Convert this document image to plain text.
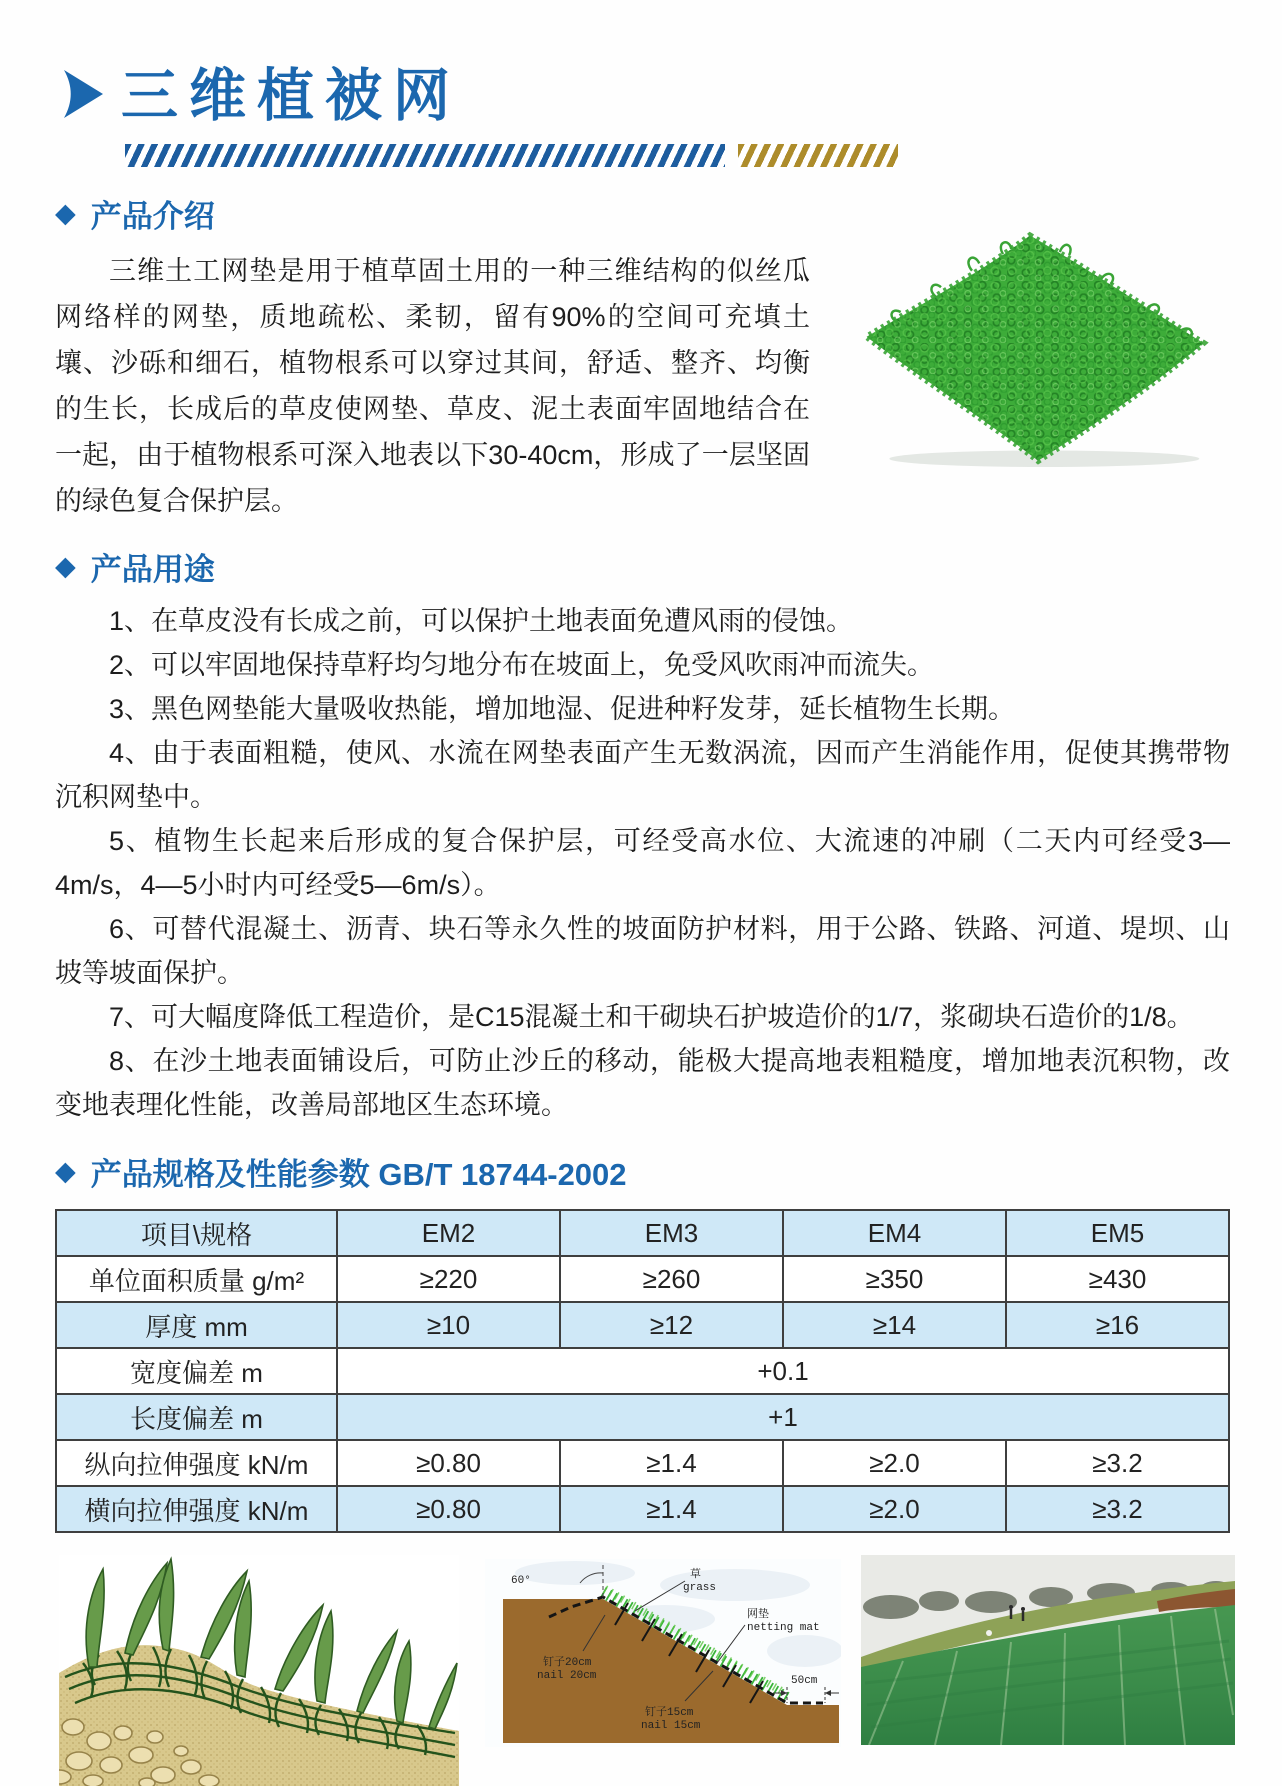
三维植被网
◆ 产品介绍

三维土工网垫是用于植草固土用的一种三维结构的似丝瓜网络样的网垫，质地疏松、柔韧，留有90%的空间可充填土壤、沙砾和细石，植物根系可以穿过其间，舒适、整齐、均衡的生长，长成后的草皮使网垫、草皮、泥土表面牢固地结合在一起，由于植物根系可深入地表以下30-40cm，形成了一层坚固的绿色复合保护层。

◆ 产品用途
1、在草皮没有长成之前，可以保护土地表面免遭风雨的侵蚀。
2、可以牢固地保持草籽均匀地分布在坡面上，免受风吹雨冲而流失。
3、黑色网垫能大量吸收热能，增加地湿、促进种籽发芽，延长植物生长期。
4、由于表面粗糙，使风、水流在网垫表面产生无数涡流，因而产生消能作用，促使其携带物沉积网垫中。
5、植物生长起来后形成的复合保护层，可经受高水位、大流速的冲刷（二天内可经受3—4m/s，4—5小时内可经受5—6m/s）。
6、可替代混凝土、沥青、块石等永久性的坡面防护材料，用于公路、铁路、河道、堤坝、山坡等坡面保护。
7、可大幅度降低工程造价，是C15混凝土和干砌块石护坡造价的1/7，浆砌块石造价的1/8。
8、在沙土地表面铺设后，可防止沙丘的移动，能极大提高地表粗糙度，增加地表沉积物，改变地表理化性能，改善局部地区生态环境。
◆ 产品规格及性能参数 GB/T 18744-2002
项目\规格	EM2	EM3	EM4	EM5
单位面积质量 g/m²	≥220	≥260	≥350	≥430
厚度 mm	≥10	≥12	≥14	≥16
宽度偏差 m	+0.1			
长度偏差 m	+1			
纵向拉伸强度 kN/m	≥0.80	≥1.4	≥2.0	≥3.2
横向拉伸强度 kN/m	≥0.80	≥1.4	≥2.0	≥3.2
60°	草
grass
网垫
netting mat
钉子20cm
nail 20cm
钉子15cm
nail 15cm
50cm
